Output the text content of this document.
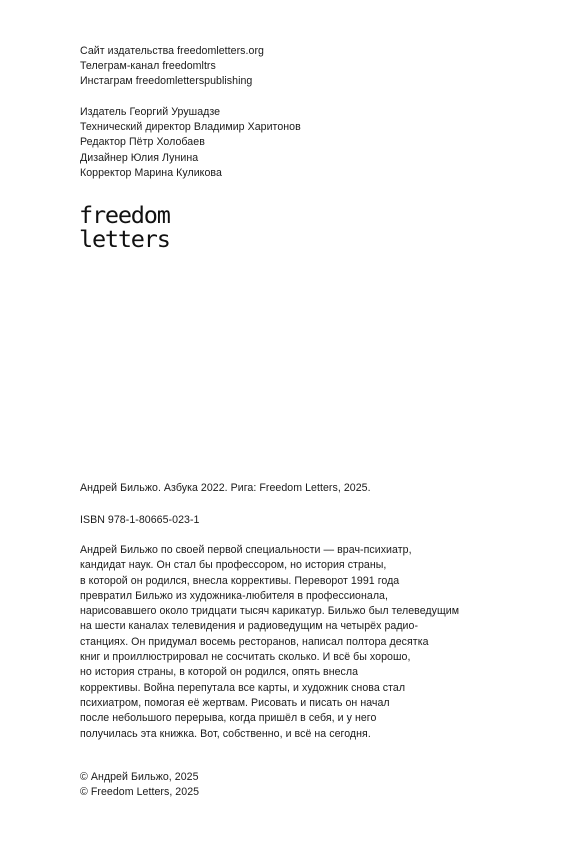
Сайт издательства freedomletters.org
Телеграм-канал freedomltrs
Инстаграм freedomletterspublishing
Издатель Георгий Урушадзе
Технический директор Владимир Харитонов
Редактор Пётр Холобаев
Дизайнер Юлия Лунина
Корректор Марина Куликова
freedom
letters
Андрей Бильжо. Азбука 2022. Рига: Freedom Letters, 2025.
ISBN 978-1-80665-023-1
Андрей Бильжо по своей первой специальности — врач-психиатр,
кандидат наук. Он стал бы профессором, но история страны,
в которой он родился, внесла коррективы. Переворот 1991 года
превратил Бильжо из художника-любителя в профессионала,
нарисовавшего около тридцати тысяч карикатур. Бильжо был телеведущим
на шести каналах телевидения и радиоведущим на четырёх радио-
станциях. Он придумал восемь ресторанов, написал полтора десятка
книг и проиллюстрировал не сосчитать сколько. И всё бы хорошо,
но история страны, в которой он родился, опять внесла
коррективы. Война перепутала все карты, и художник снова стал
психиатром, помогая её жертвам. Рисовать и писать он начал
после небольшого перерыва, когда пришёл в себя, и у него
получилась эта книжка. Вот, собственно, и всё на сегодня.
© Андрей Бильжо, 2025
© Freedom Letters, 2025
